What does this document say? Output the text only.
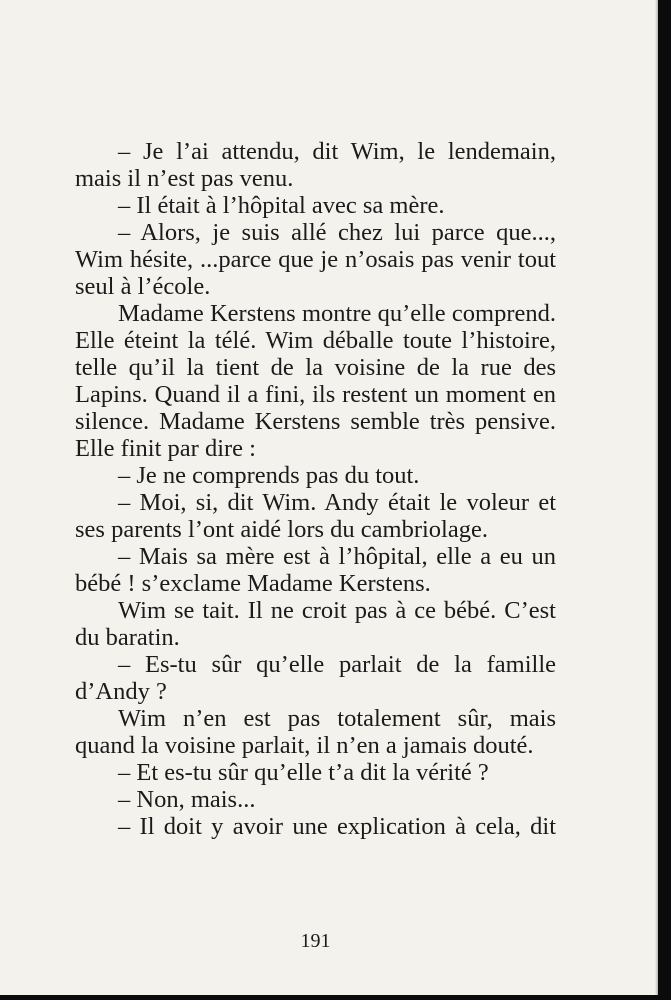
– Je l’ai attendu, dit Wim, le lendemain, mais il n’est pas venu.

– Il était à l’hôpital avec sa mère.

– Alors, je suis allé chez lui parce que..., Wim hésite, ...parce que je n’osais pas venir tout seul à l’école.

Madame Kerstens montre qu’elle comprend. Elle éteint la télé. Wim déballe toute l’histoire, telle qu’il la tient de la voisine de la rue des Lapins. Quand il a fini, ils restent un moment en silence. Madame Kerstens semble très pensive. Elle finit par dire :

– Je ne comprends pas du tout.

– Moi, si, dit Wim. Andy était le voleur et ses parents l’ont aidé lors du cambriolage.

– Mais sa mère est à l’hôpital, elle a eu un bébé ! s’exclame Madame Kerstens.

Wim se tait. Il ne croit pas à ce bébé. C’est du baratin.

– Es-tu sûr qu’elle parlait de la famille d’Andy ?

Wim n’en est pas totalement sûr, mais quand la voisine parlait, il n’en a jamais douté.

– Et es-tu sûr qu’elle t’a dit la vérité ?

– Non, mais...

– Il doit y avoir une explication à cela, dit

191
